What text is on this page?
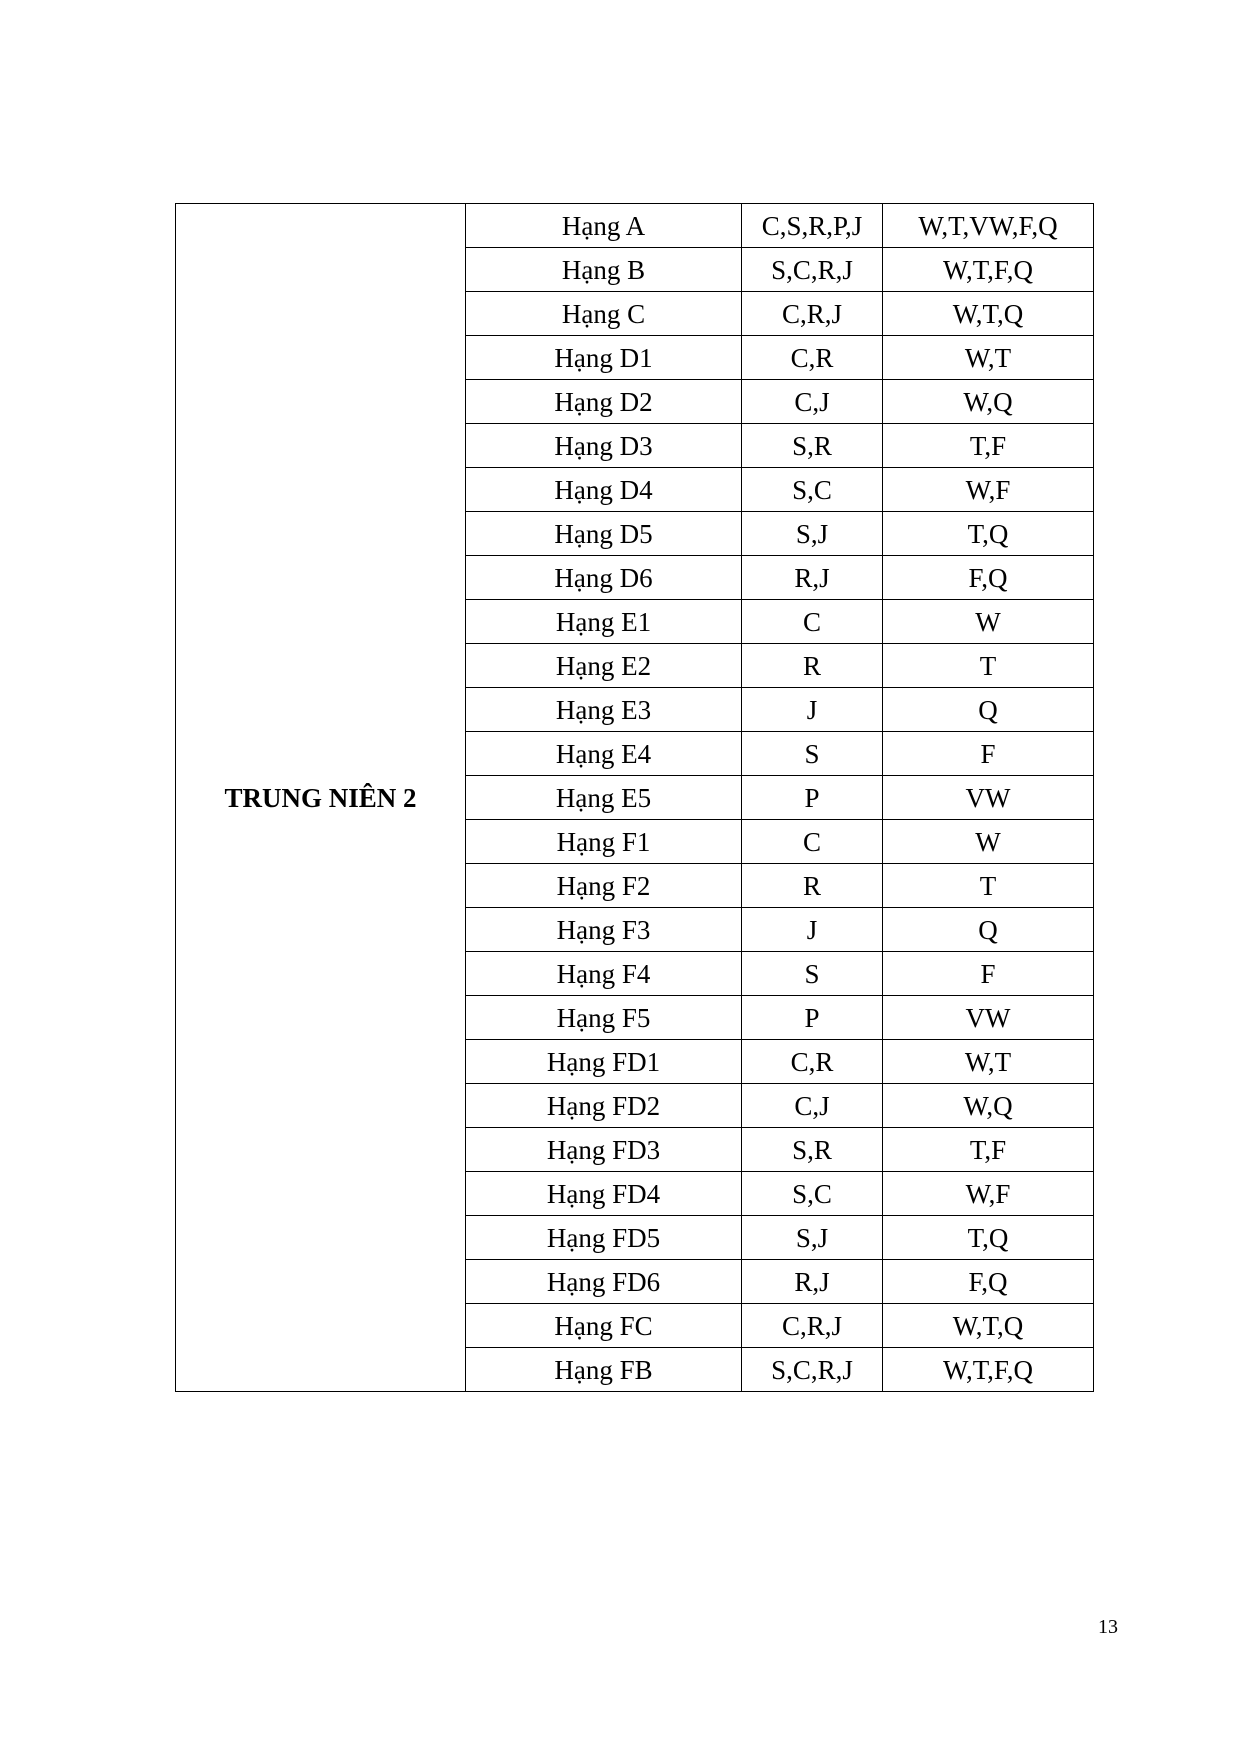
TRUNG NIÊN 2	Hạng A	C,S,R,P,J	W,T,VW,F,Q
	Hạng B	S,C,R,J	W,T,F,Q
	Hạng C	C,R,J	W,T,Q
	Hạng D1	C,R	W,T
	Hạng D2	C,J	W,Q
	Hạng D3	S,R	T,F
	Hạng D4	S,C	W,F
	Hạng D5	S,J	T,Q
	Hạng D6	R,J	F,Q
	Hạng E1	C	W
	Hạng E2	R	T
	Hạng E3	J	Q
	Hạng E4	S	F
	Hạng E5	P	VW
	Hạng F1	C	W
	Hạng F2	R	T
	Hạng F3	J	Q
	Hạng F4	S	F
	Hạng F5	P	VW
	Hạng FD1	C,R	W,T
	Hạng FD2	C,J	W,Q
	Hạng FD3	S,R	T,F
	Hạng FD4	S,C	W,F
	Hạng FD5	S,J	T,Q
	Hạng FD6	R,J	F,Q
	Hạng FC	C,R,J	W,T,Q
	Hạng FB	S,C,R,J	W,T,F,Q
13
